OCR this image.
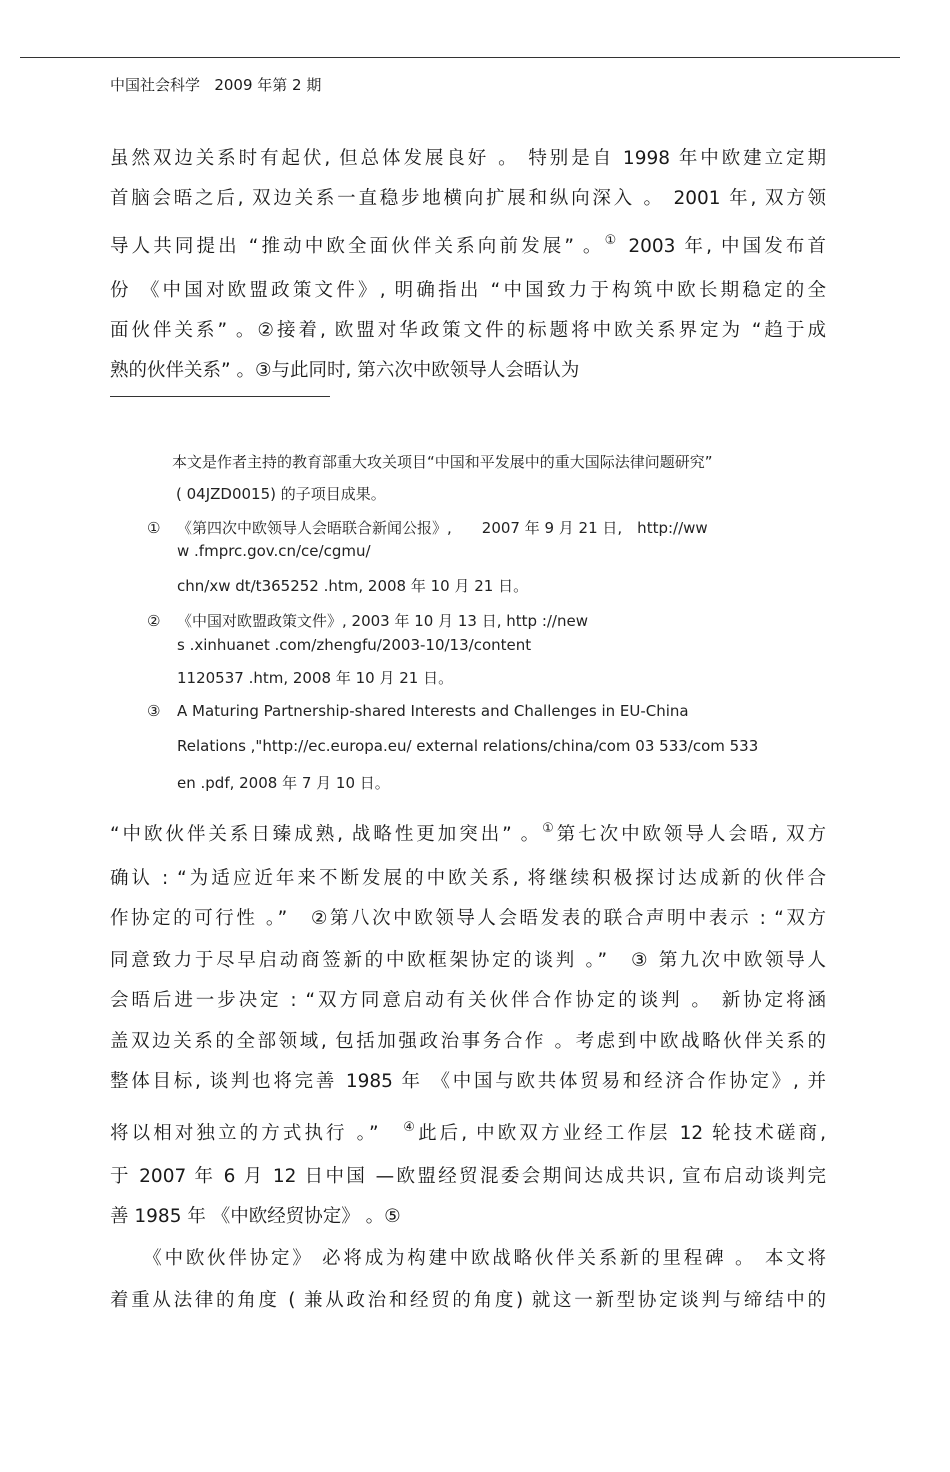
中国社会科学 2009 年第 2 期
虽然双边关系时有起伏, 但总体发展良好 。 特别是自 1998 年中欧建立定期
首脑会晤之后, 双边关系一直稳步地横向扩展和纵向深入 。 2001 年, 双方领
导人共同提出 “推动中欧全面伙伴关系向前发展” 。① 2003 年, 中国发布首
份 《中国对欧盟政策文件》, 明确指出 “中国致力于构筑中欧长期稳定的全
面伙伴关系” 。②接着, 欧盟对华政策文件的标题将中欧关系界定为 “趋于成
熟的伙伴关系” 。③与此同时, 第六次中欧领导人会晤认为
本文是作者主持的教育部重大攻关项目“中国和平发展中的重大国际法律问题研究”
( 04JZD0015) 的子项目成果。
① 《第四次中欧领导人会晤联合新闻公报》,　　2007 年 9 月 21 日,　http://ww
w .fmprc.gov.cn/ce/cgmu/
chn/xw dt/t365252 .htm, 2008 年 10 月 21 日。
② 《中国对欧盟政策文件》, 2003 年 10 月 13 日, http ://new
s .xinhuanet .com/zhengfu/2003-10/13/content
1120537 .htm, 2008 年 10 月 21 日。
③ A Maturing Partnership-shared Interests and Challenges in EU-China
Relations ,"http://ec.europa.eu/ external relations/china/com 03 533/com 533
en .pdf, 2008 年 7 月 10 日。
“中欧伙伴关系日臻成熟, 战略性更加突出” 。①第七次中欧领导人会晤, 双方
确认 : “为适应近年来不断发展的中欧关系, 将继续积极探讨达成新的伙伴合
作协定的可行性 。”　②第八次中欧领导人会晤发表的联合声明中表示 : “双方
同意致力于尽早启动商签新的中欧框架协定的谈判 。”　③ 第九次中欧领导人
会晤后进一步决定 : “双方同意启动有关伙伴合作协定的谈判 。 新协定将涵
盖双边关系的全部领域, 包括加强政治事务合作 。考虑到中欧战略伙伴关系的
整体目标, 谈判也将完善 1985 年 《中国与欧共体贸易和经济合作协定》, 并
将以相对独立的方式执行 。”　④此后, 中欧双方业经工作层 12 轮技术磋商,
于 2007 年 6 月 12 日中国 —欧盟经贸混委会期间达成共识, 宣布启动谈判完
善 1985 年 《中欧经贸协定》 。⑤
　　《中欧伙伴协定》 必将成为构建中欧战略伙伴关系新的里程碑 。 本文将
着重从法律的角度 ( 兼从政治和经贸的角度) 就这一新型协定谈判与缔结中的
